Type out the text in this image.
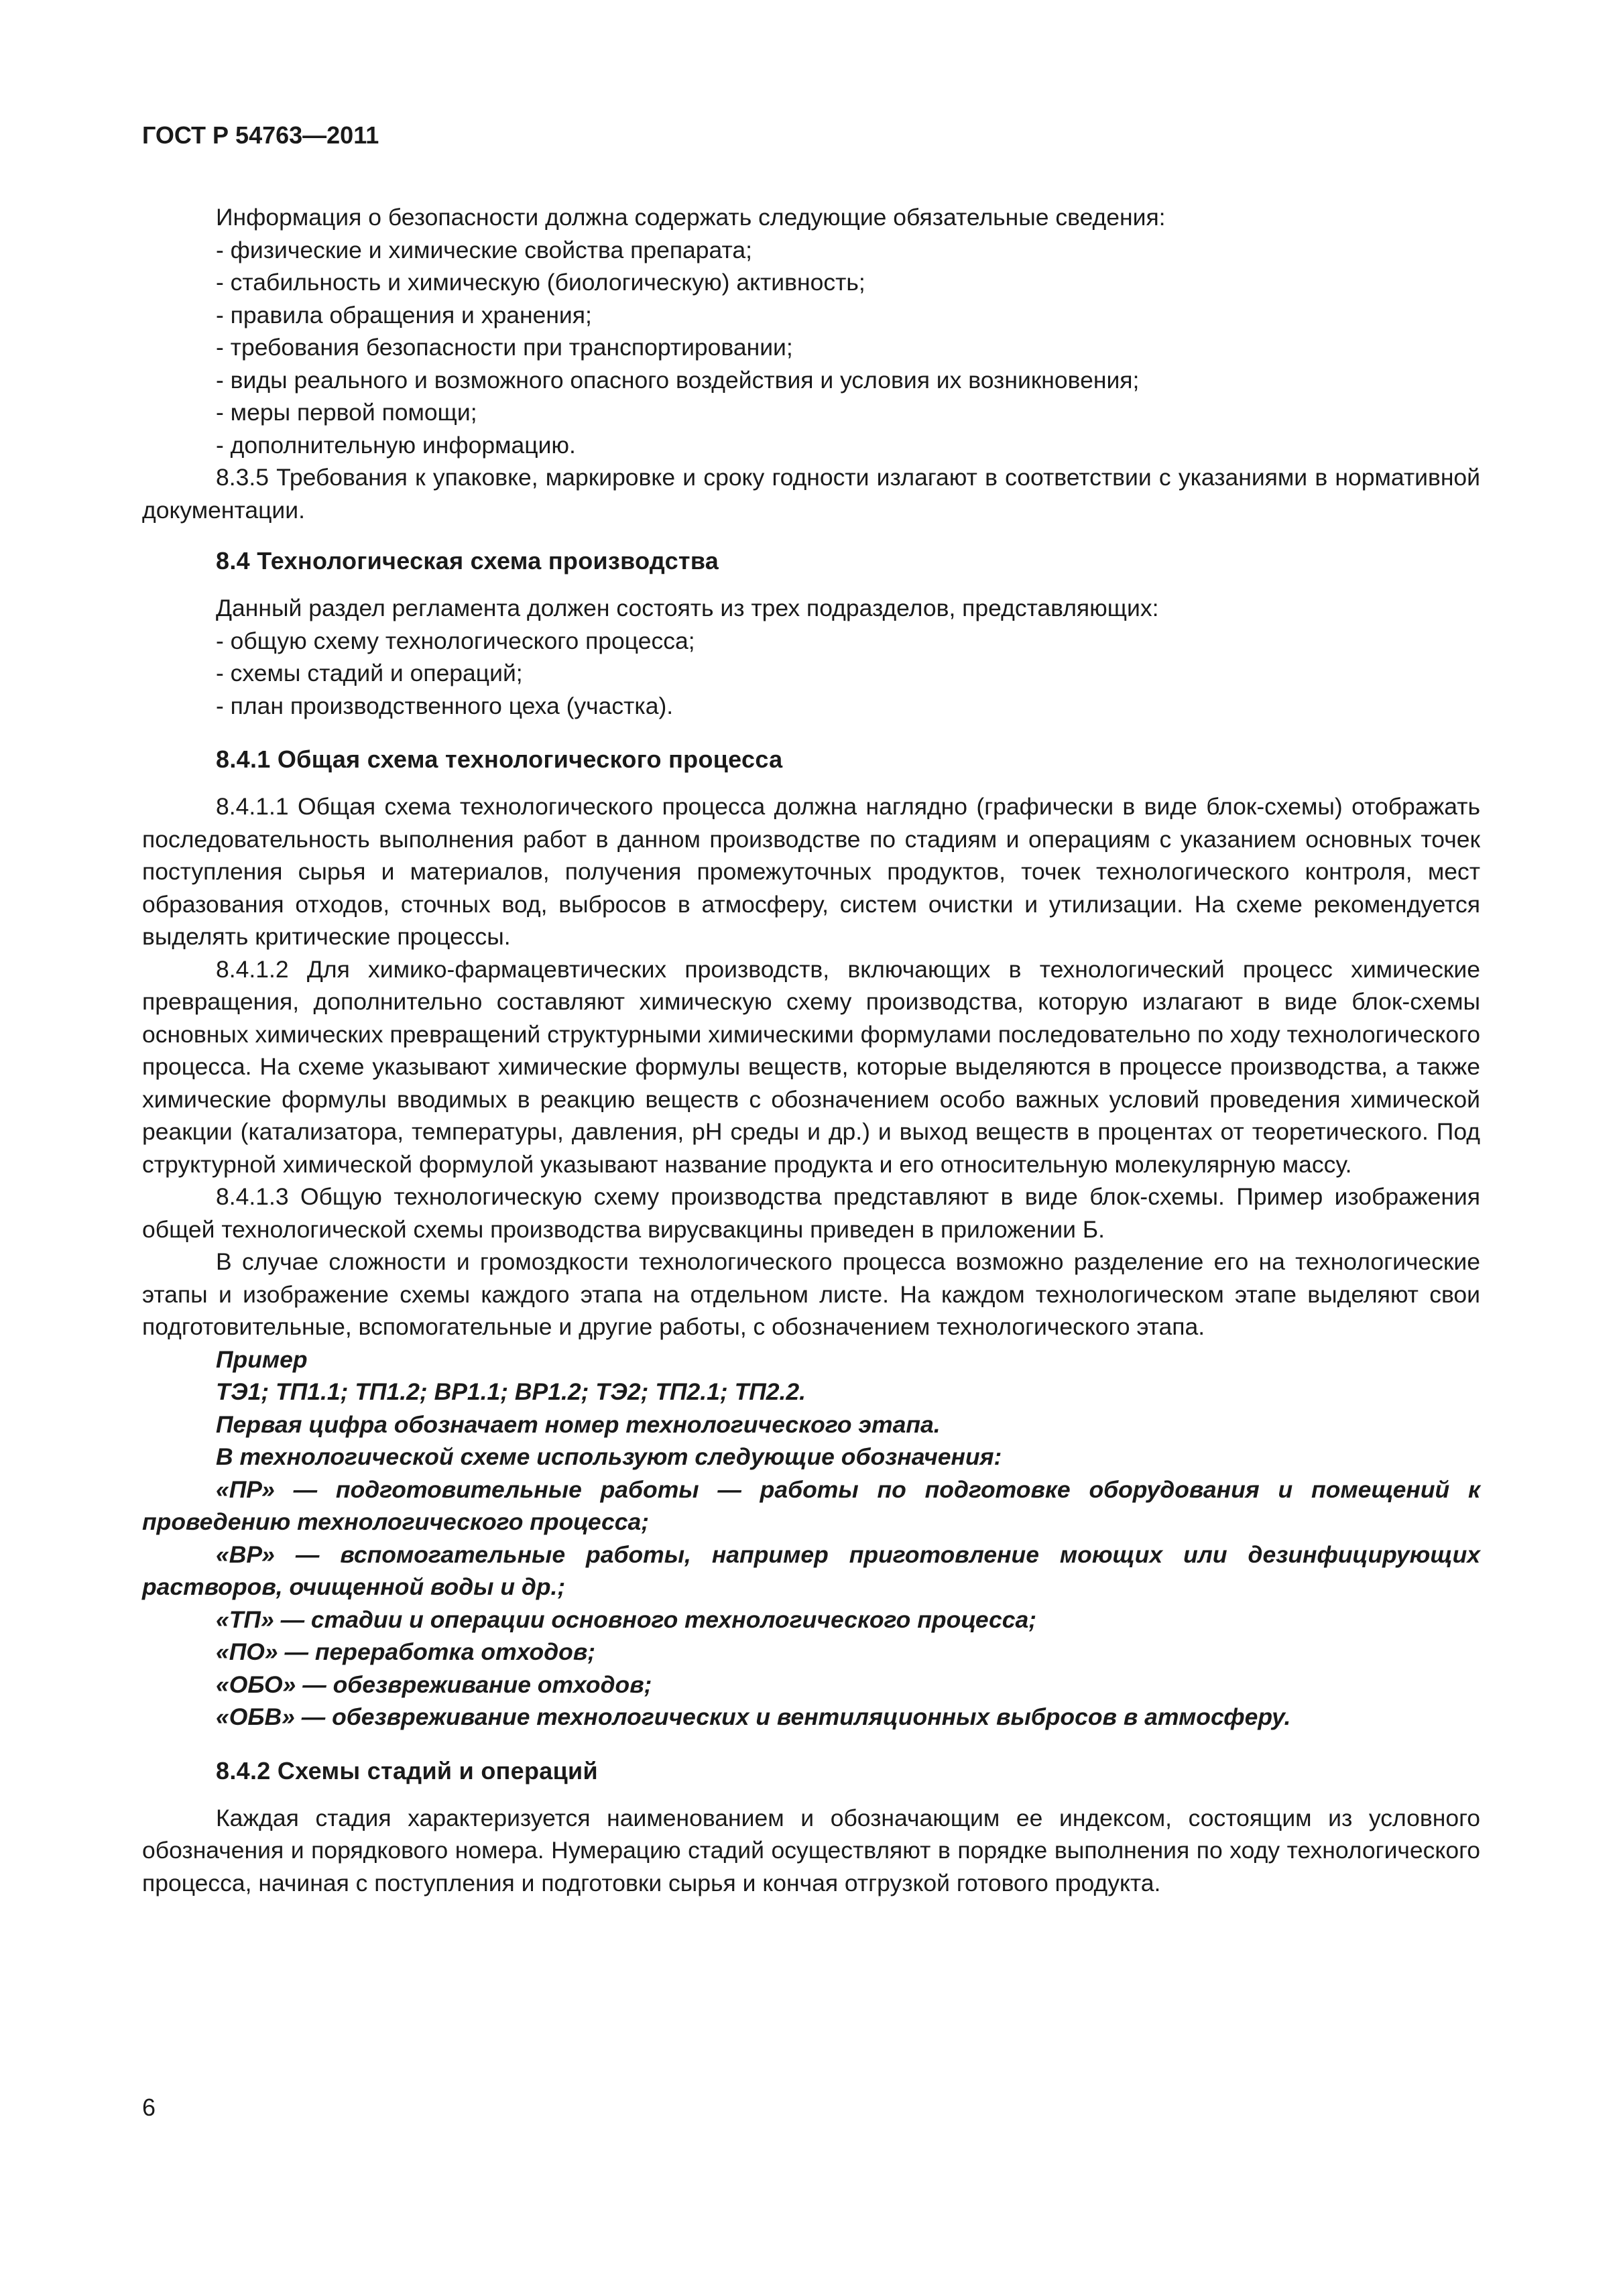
ГОСТ Р 54763—2011

Информация о безопасности должна содержать следующие обязательные сведения:

- физические и химические свойства препарата;

- стабильность и химическую (биологическую) активность;

- правила обращения и хранения;

- требования безопасности при транспортировании;

- виды реального и возможного опасного воздействия и условия их возникновения;

- меры первой помощи;

- дополнительную информацию.

8.3.5 Требования к упаковке, маркировке и сроку годности излагают в соответствии с указаниями в нормативной документации.

8.4 Технологическая схема производства

Данный раздел регламента должен состоять из трех подразделов, представляющих:

- общую схему технологического процесса;

- схемы стадий и операций;

- план производственного цеха (участка).

8.4.1 Общая схема технологического процесса

8.4.1.1 Общая схема технологического процесса должна наглядно (графически в виде блок-схемы) отображать последовательность выполнения работ в данном производстве по стадиям и операциям с указанием основных точек поступления сырья и материалов, получения промежуточных продуктов, точек технологического контроля, мест образования отходов, сточных вод, выбросов в атмосферу, систем очистки и утилизации. На схеме рекомендуется выделять критические процессы.

8.4.1.2 Для химико-фармацевтических производств, включающих в технологический процесс химические превращения, дополнительно составляют химическую схему производства, которую излагают в виде блок-схемы основных химических превращений структурными химическими формулами последовательно по ходу технологического процесса. На схеме указывают химические формулы веществ, которые выделяются в процессе производства, а также химические формулы вводимых в реакцию веществ с обозначением особо важных условий проведения химической реакции (катализатора, температуры, давления, pH среды и др.) и выход веществ в процентах от теоретического. Под структурной химической формулой указывают название продукта и его относительную молекулярную массу.

8.4.1.3 Общую технологическую схему производства представляют в виде блок-схемы. Пример изображения общей технологической схемы производства вирусвакцины приведен в приложении Б.

В случае сложности и громоздкости технологического процесса возможно разделение его на технологические этапы и изображение схемы каждого этапа на отдельном листе. На каждом технологическом этапе выделяют свои подготовительные, вспомогательные и другие работы, с обозначением технологического этапа.

Пример

ТЭ1; ТП1.1; ТП1.2; ВР1.1; ВР1.2; ТЭ2; ТП2.1; ТП2.2.

Первая цифра обозначает номер технологического этапа.

В технологической схеме используют следующие обозначения:

«ПР» — подготовительные работы — работы по подготовке оборудования и помещений к проведению технологического процесса;

«ВР» — вспомогательные работы, например приготовление моющих или дезинфицирующих растворов, очищенной воды и др.;

«ТП» — стадии и операции основного технологического процесса;

«ПО» — переработка отходов;

«ОБО» — обезвреживание отходов;

«ОБВ» — обезвреживание технологических и вентиляционных выбросов в атмосферу.

8.4.2 Схемы стадий и операций

Каждая стадия характеризуется наименованием и обозначающим ее индексом, состоящим из условного обозначения и порядкового номера. Нумерацию стадий осуществляют в порядке выполнения по ходу технологического процесса, начиная с поступления и подготовки сырья и кончая отгрузкой готового продукта.

6
